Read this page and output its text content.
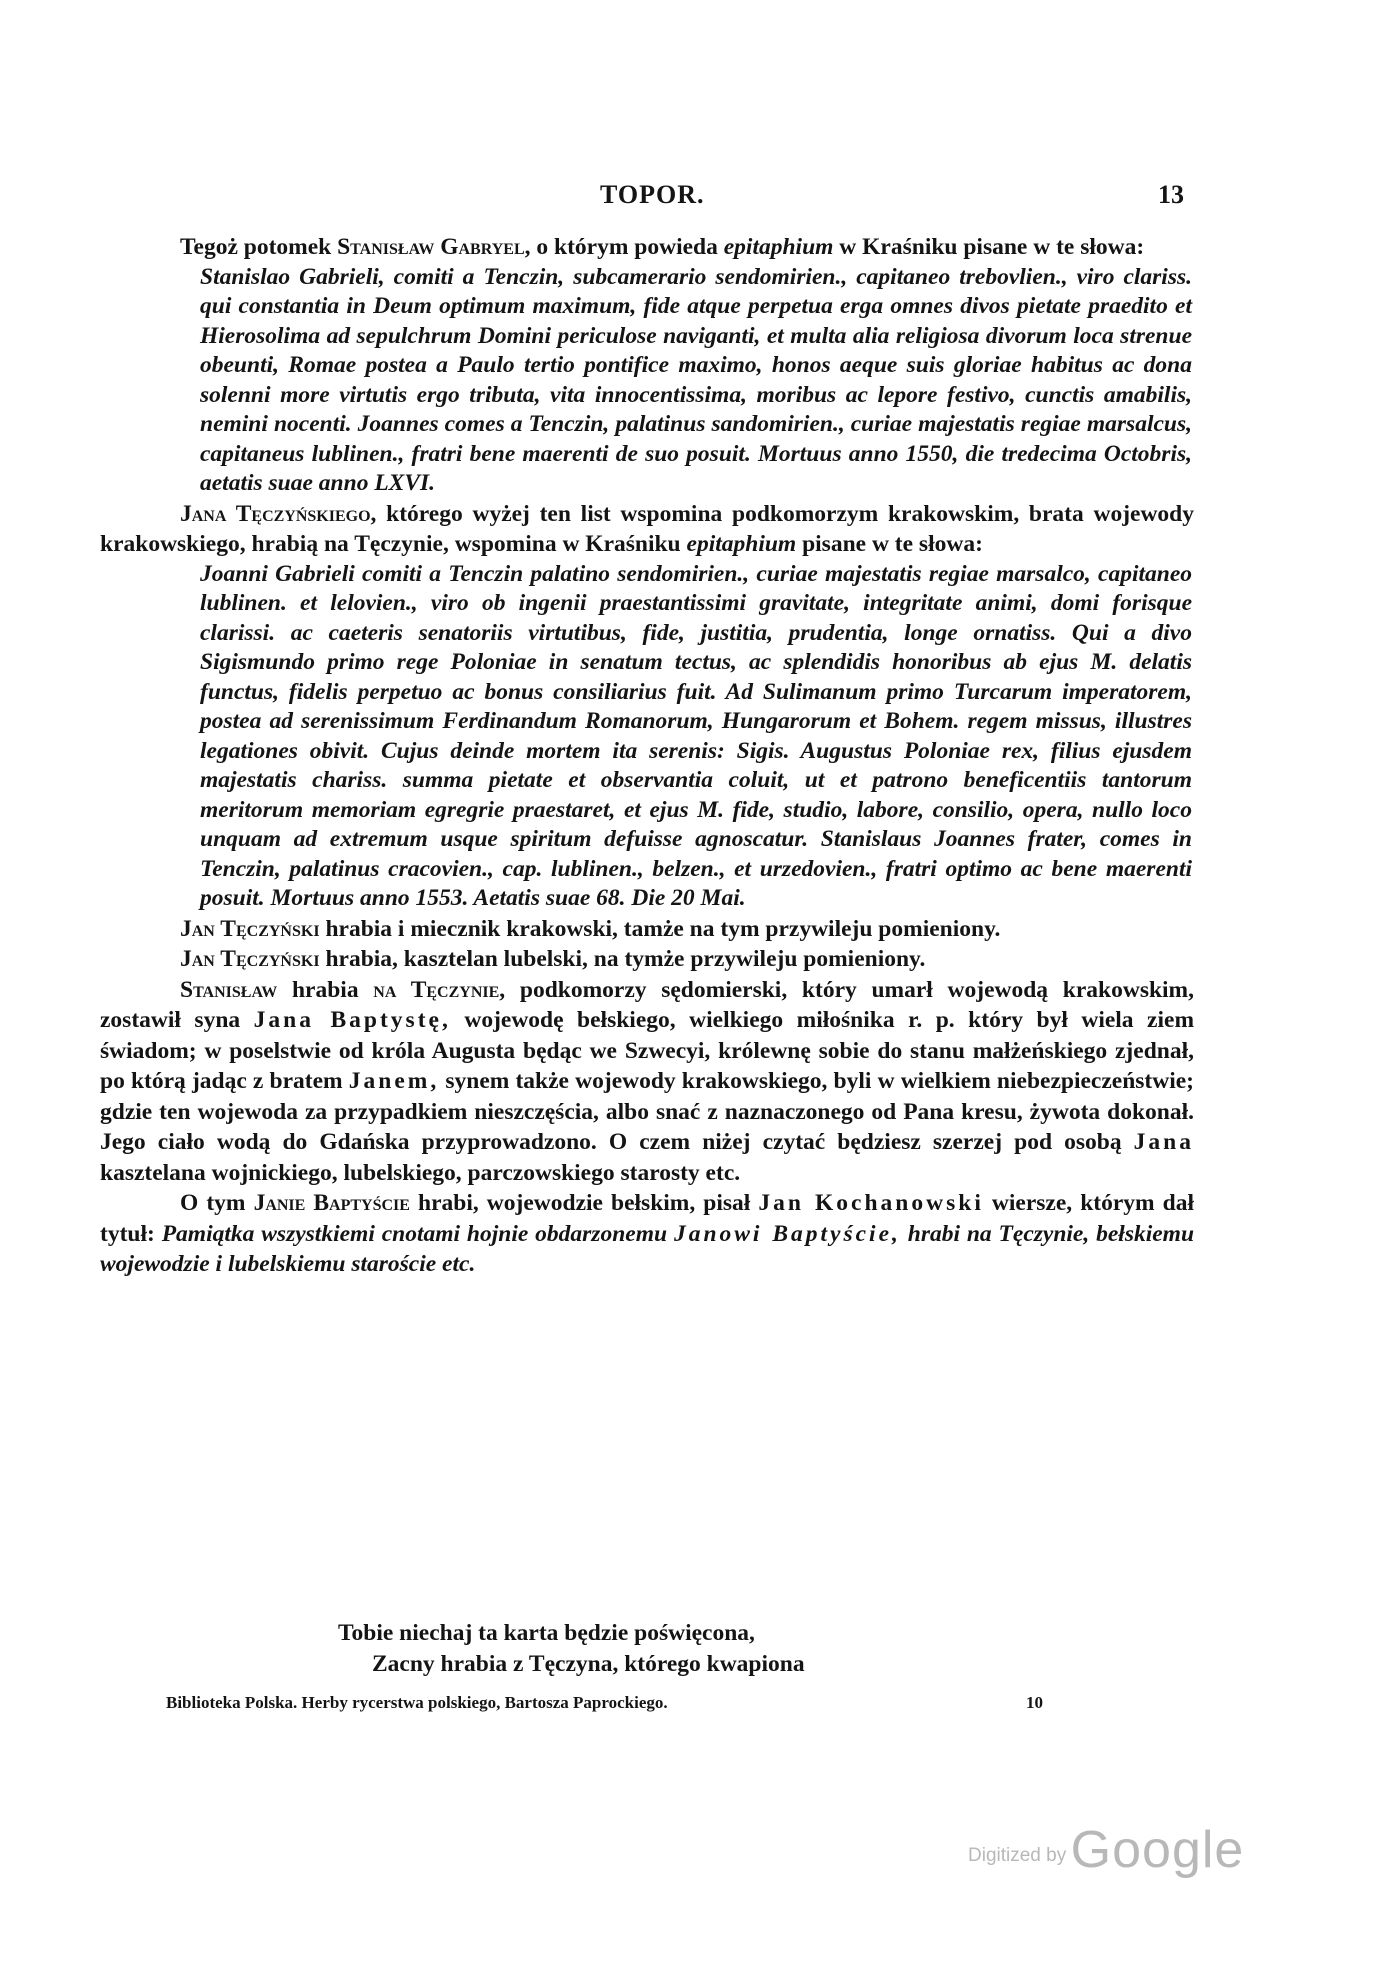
TOPOR.	13

Tegoż potomek Stanisław Gabryel, o którym powieda epitaphium w Kraśniku pisane w te słowa:

Stanislao Gabrieli, comiti a Tenczin, subcamerario sendomirien., capitaneo trebovlien., viro clariss. qui constantia in Deum optimum maximum, fide atque perpetua erga omnes divos pietate praedito et Hierosolima ad sepulchrum Domini periculose naviganti, et multa alia religiosa divorum loca strenue obeunti, Romae postea a Paulo tertio pontifice maximo, honos aeque suis gloriae habitus ac dona solenni more virtutis ergo tributa, vita innocentissima, moribus ac lepore festivo, cunctis amabilis, nemini nocenti. Joannes comes a Tenczin, palatinus sandomirien., curiae majestatis regiae marsalcus, capitaneus lublinen., fratri bene maerenti de suo posuit. Mortuus anno 1550, die tredecima Octobris, aetatis suae anno LXVI.

Jana Tęczyńskiego, którego wyżej ten list wspomina podkomorzym krakowskim, brata wojewody krakowskiego, hrabią na Tęczynie, wspomina w Kraśniku epitaphium pisane w te słowa:

Joanni Gabrieli comiti a Tenczin palatino sendomirien., curiae majestatis regiae marsalco, capitaneo lublinen. et lelovien., viro ob ingenii praestantissimi gravitate, integritate animi, domi forisque clarissi. ac caeteris senatoriis virtutibus, fide, justitia, prudentia, longe ornatiss. Qui a divo Sigismundo primo rege Poloniae in senatum tectus, ac splendidis honoribus ab ejus M. delatis functus, fidelis perpetuo ac bonus consiliarius fuit. Ad Sulimanum primo Turcarum imperatorem, postea ad serenissimum Ferdinandum Romanorum, Hungarorum et Bohem. regem missus, illustres legationes obivit. Cujus deinde mortem ita serenis: Sigis. Augustus Poloniae rex, filius ejusdem majestatis chariss. summa pietate et observantia coluit, ut et patrono beneficentiis tantorum meritorum memoriam egregrie praestaret, et ejus M. fide, studio, labore, consilio, opera, nullo loco unquam ad extremum usque spiritum defuisse agnoscatur. Stanislaus Joannes frater, comes in Tenczin, palatinus cracovien., cap. lublinen., belzen., et urzedovien., fratri optimo ac bene maerenti posuit. Mortuus anno 1553. Aetatis suae 68. Die 20 Mai.

Jan Tęczyński hrabia i miecznik krakowski, tamże na tym przywileju pomieniony.

Jan Tęczyński hrabia, kasztelan lubelski, na tymże przywileju pomieniony.

Stanisław hrabia na Tęczynie, podkomorzy sędomierski, który umarł wojewodą krakowskim, zostawił syna Jana Baptystę, wojewodę bełskiego, wielkiego miłośnika r. p. który był wiela ziem świadom; w poselstwie od króla Augusta będąc we Szwecyi, królewnę sobie do stanu małżeńskiego zjednał, po którą jadąc z bratem Janem, synem także wojewody krakowskiego, byli w wielkiem niebezpieczeństwie; gdzie ten wojewoda za przypadkiem nieszczęścia, albo snać z naznaczonego od Pana kresu, żywota dokonał. Jego ciało wodą do Gdańska przyprowadzono. O czem niżej czytać będziesz szerzej pod osobą Jana kasztelana wojnickiego, lubelskiego, parczowskiego starosty etc.

O tym Janie Baptyście hrabi, wojewodzie bełskim, pisał Jan Kochanowski wiersze, którym dał tytuł: Pamiątka wszystkiemi cnotami hojnie obdarzonemu Janowi Baptyście, hrabi na Tęczynie, bełskiemu wojewodzie i lubelskiemu staroście etc.

Tobie niechaj ta karta będzie poświęcona,

Zacny hrabia z Tęczyna, którego kwapiona

Biblioteka Polska. Herby rycerstwa polskiego, Bartosza Paprockiego.	10
Digitized by Google
